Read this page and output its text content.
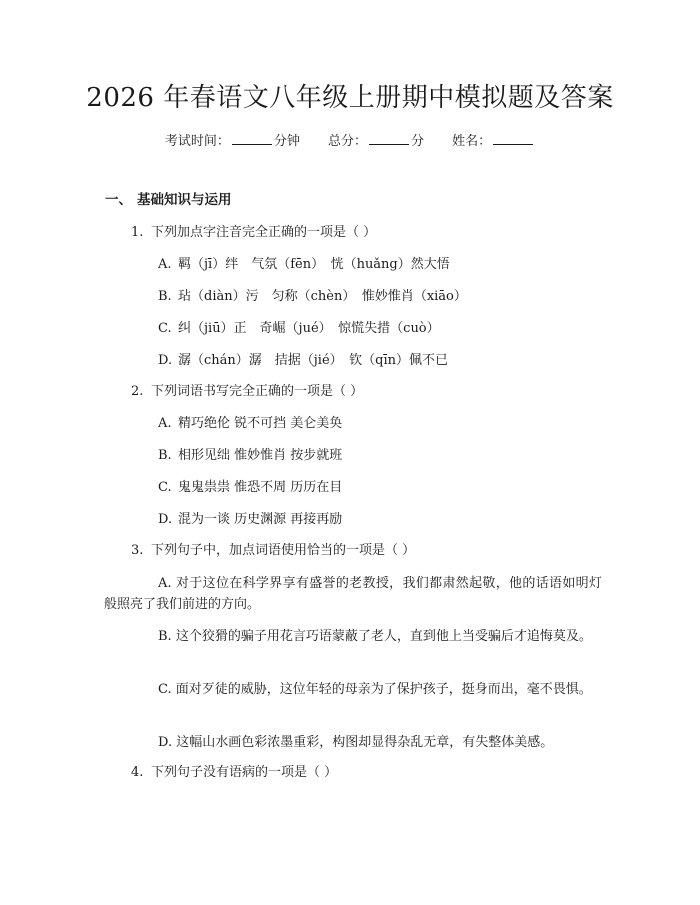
2026 年春语文八年级上册期中模拟题及答案
考试时间：	分钟 总分：	分 姓名：
一、 基础知识与运用
1. 下列加点字注音完全正确的一项是（ ）
A. 羁（jī）绊　气氛（fēn）　恍（huǎng）然大悟
B. 玷（diàn）污　匀称（chèn）　惟妙惟肖（xiāo）
C. 纠（jiū）正　奇崛（jué）　惊慌失措（cuò）
D. 潺（chán）潺　拮据（jié）　钦（qīn）佩不已
2. 下列词语书写完全正确的一项是（ ）
A. 精巧绝伦 锐不可挡 美仑美奂
B. 相形见绌 惟妙惟肖 按步就班
C. 鬼鬼祟祟 惟恐不周 历历在目
D. 混为一谈 历史渊源 再接再励
3. 下列句子中，加点词语使用恰当的一项是（ ）
A. 对于这位在科学界享有盛誉的老教授，我们都肃然起敬，他的话语如明灯般照亮了我们前进的方向。
B. 这个狡猾的骗子用花言巧语蒙蔽了老人，直到他上当受骗后才追悔莫及。
C. 面对歹徒的威胁，这位年轻的母亲为了保护孩子，挺身而出，毫不畏惧。
D. 这幅山水画色彩浓墨重彩，构图却显得杂乱无章，有失整体美感。
4. 下列句子没有语病的一项是（ ）
